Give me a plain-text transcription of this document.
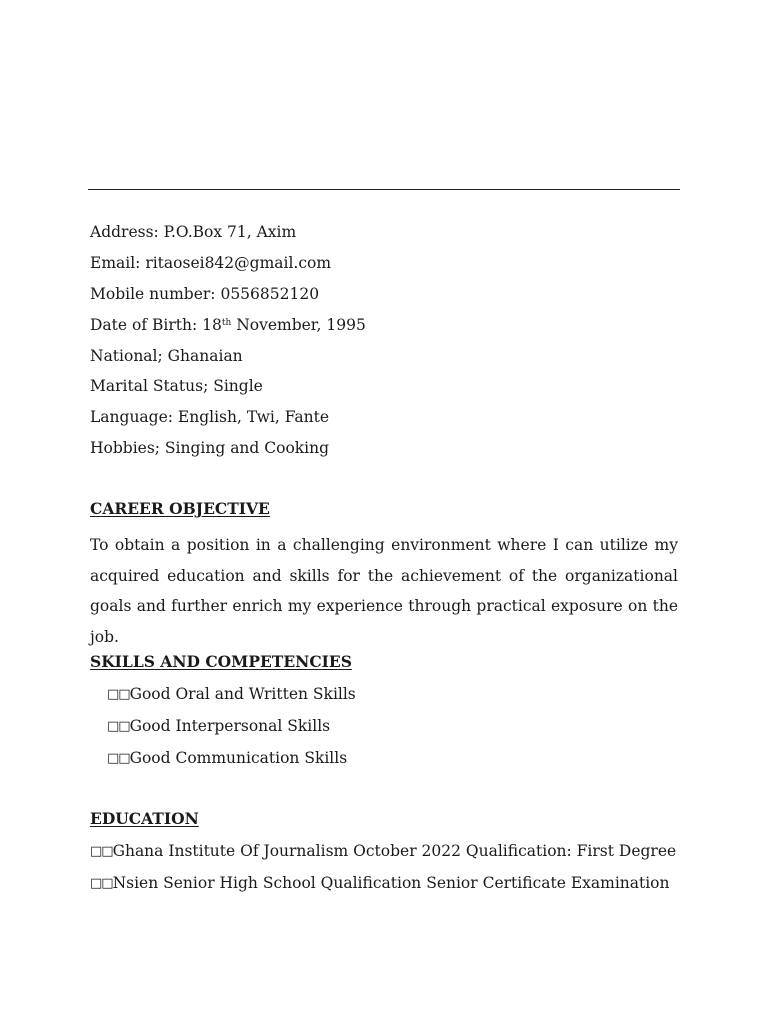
Address: P.O.Box 71, Axim
Email: ritaosei842@gmail.com
Mobile number: 0556852120
Date of Birth: 18th November, 1995
National; Ghanaian
Marital Status; Single
Language: English, Twi, Fante
Hobbies; Singing and Cooking
CAREER OBJECTIVE

To obtain a position in a challenging environment where I can utilize my acquired education and skills for the achievement of the organizational goals and further enrich my experience through practical exposure on the job.

SKILLS AND COMPETENCIES
□□Good Oral and Written Skills
□□Good Interpersonal Skills
□□Good Communication Skills
EDUCATION
□□Ghana Institute Of Journalism October 2022 Qualification: First Degree
□□Nsien Senior High School Qualification Senior Certificate Examination
